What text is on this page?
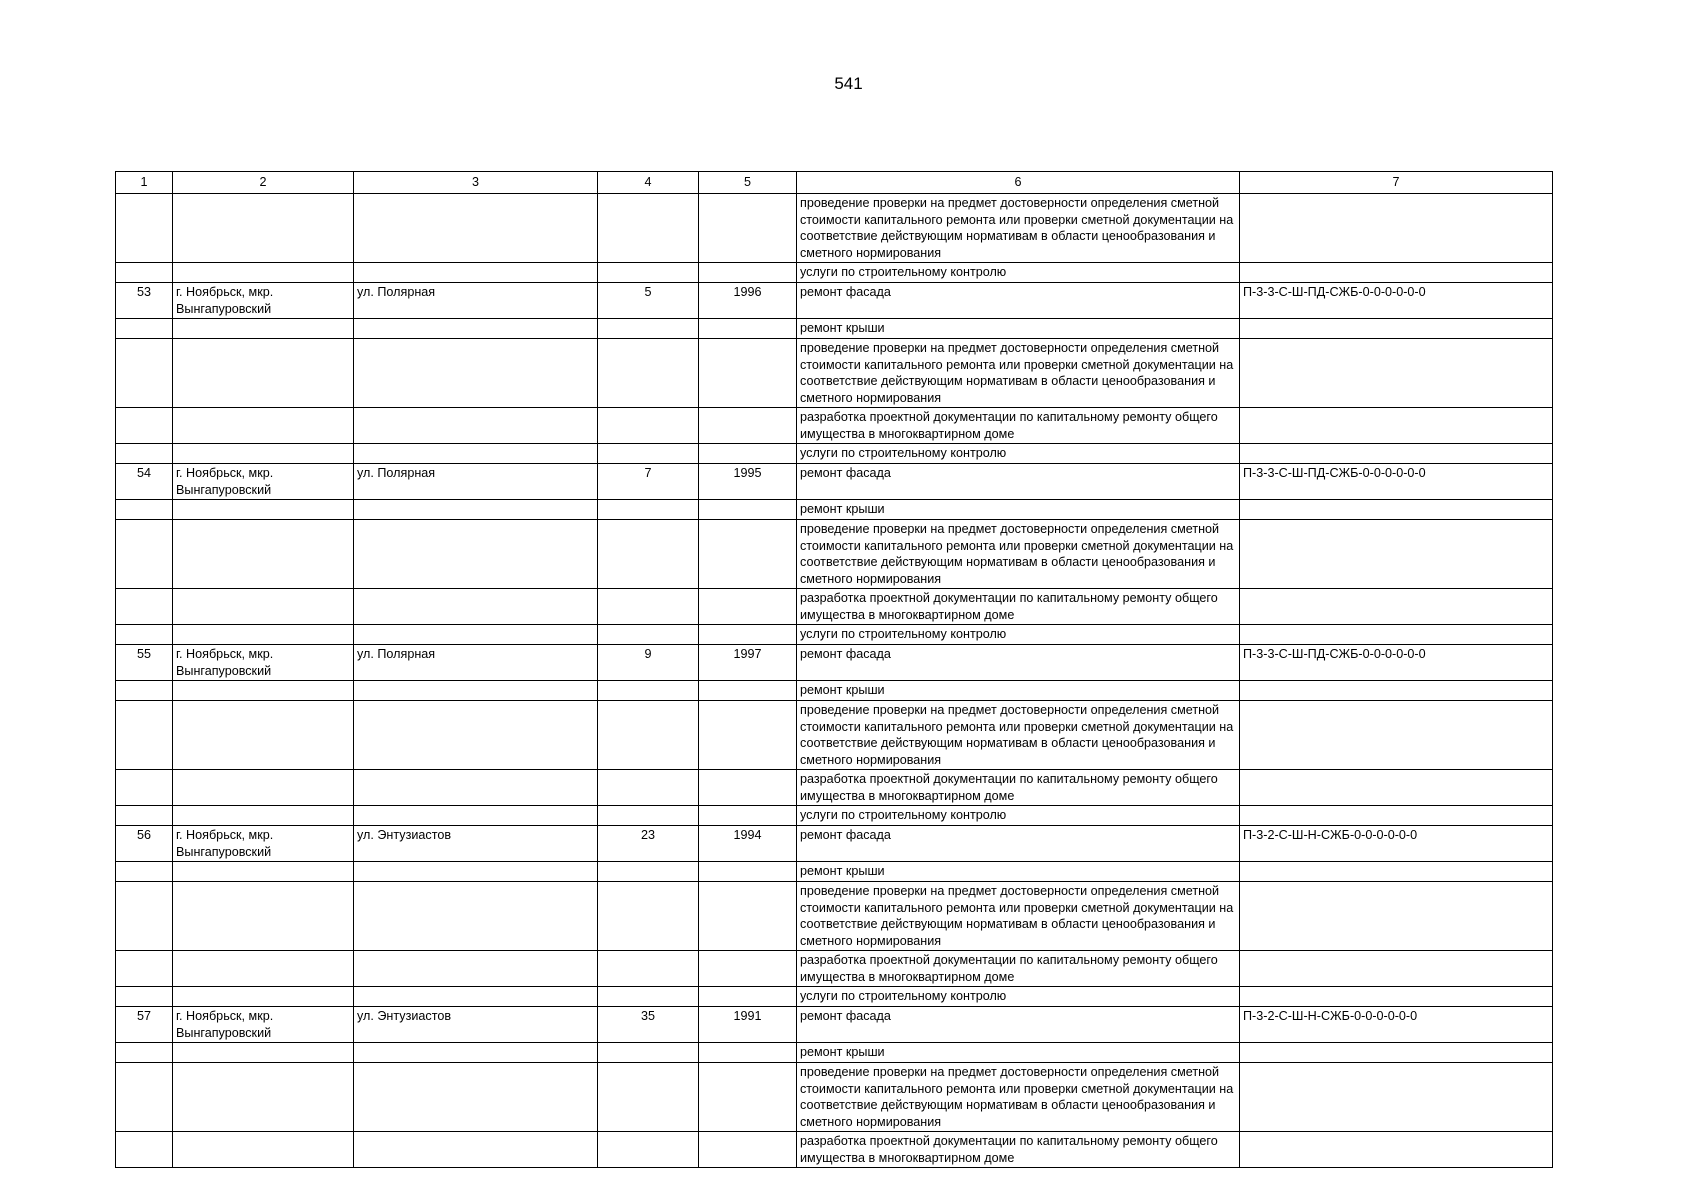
541
1	2	3	4	5	6	7
					проведение проверки на предмет достоверности определения сметной стоимости капитального ремонта или проверки сметной документации на соответствие действующим нормативам в области ценообразования и сметного нормирования	
					услуги по строительному контролю	
53	г. Ноябрьск, мкр. Вынгапуровский	ул. Полярная	5	1996	ремонт фасада	П-3-3-С-Ш-ПД-СЖБ-0-0-0-0-0-0
					ремонт крыши	
					проведение проверки на предмет достоверности определения сметной стоимости капитального ремонта или проверки сметной документации на соответствие действующим нормативам в области ценообразования и сметного нормирования	
					разработка проектной документации по капитальному ремонту общего имущества в многоквартирном доме	
					услуги по строительному контролю	
54	г. Ноябрьск, мкр. Вынгапуровский	ул. Полярная	7	1995	ремонт фасада	П-3-3-С-Ш-ПД-СЖБ-0-0-0-0-0-0
					ремонт крыши	
					проведение проверки на предмет достоверности определения сметной стоимости капитального ремонта или проверки сметной документации на соответствие действующим нормативам в области ценообразования и сметного нормирования	
					разработка проектной документации по капитальному ремонту общего имущества в многоквартирном доме	
					услуги по строительному контролю	
55	г. Ноябрьск, мкр. Вынгапуровский	ул. Полярная	9	1997	ремонт фасада	П-3-3-С-Ш-ПД-СЖБ-0-0-0-0-0-0
					ремонт крыши	
					проведение проверки на предмет достоверности определения сметной стоимости капитального ремонта или проверки сметной документации на соответствие действующим нормативам в области ценообразования и сметного нормирования	
					разработка проектной документации по капитальному ремонту общего имущества в многоквартирном доме	
					услуги по строительному контролю	
56	г. Ноябрьск, мкр. Вынгапуровский	ул. Энтузиастов	23	1994	ремонт фасада	П-3-2-С-Ш-Н-СЖБ-0-0-0-0-0-0
					ремонт крыши	
					проведение проверки на предмет достоверности определения сметной стоимости капитального ремонта или проверки сметной документации на соответствие действующим нормативам в области ценообразования и сметного нормирования	
					разработка проектной документации по капитальному ремонту общего имущества в многоквартирном доме	
					услуги по строительному контролю	
57	г. Ноябрьск, мкр. Вынгапуровский	ул. Энтузиастов	35	1991	ремонт фасада	П-3-2-С-Ш-Н-СЖБ-0-0-0-0-0-0
					ремонт крыши	
					проведение проверки на предмет достоверности определения сметной стоимости капитального ремонта или проверки сметной документации на соответствие действующим нормативам в области ценообразования и сметного нормирования	
					разработка проектной документации по капитальному ремонту общего имущества в многоквартирном доме	
